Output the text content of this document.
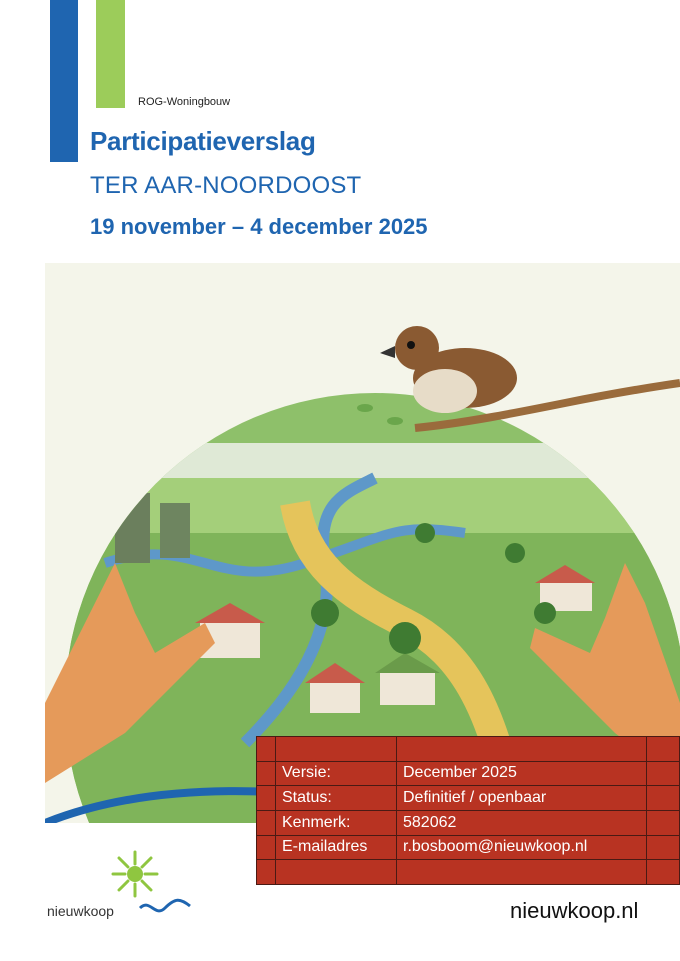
ROG-Woningbouw
Participatieverslag
TER AAR-NOORDOOST
19 november – 4 december 2025

	Versie:	December 2025	
	Status:	Definitief / openbaar	
	Kenmerk:	582062	
	E-mailadres	r.bosboom@nieuwkoop.nl	

nieuwkoop	nieuwkoop.nl
